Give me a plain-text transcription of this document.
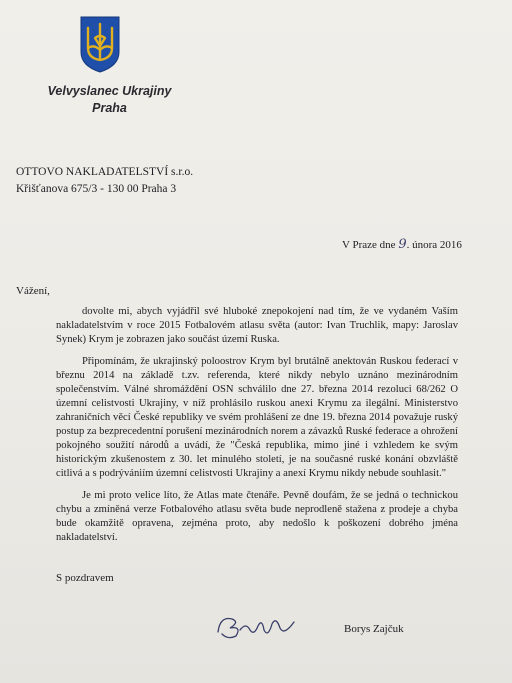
Velvyslanec Ukrajiny
Praha
OTTOVO NAKLADATELSTVÍ s.r.o.
Křišťanova 675/3 - 130 00 Praha 3
V Praze dne 9. února 2016
Vážení,

dovolte mi, abych vyjádřil své hluboké znepokojení nad tím, že ve vydaném Vaším nakladatelstvím v roce 2015 Fotbalovém atlasu světa (autor: Ivan Truchlik, mapy: Jaroslav Synek) Krym je zobrazen jako součást území Ruska.

Připomínám, že ukrajinský poloostrov Krym byl brutálně anektován Ruskou federací v březnu 2014 na základě t.zv. referenda, které nikdy nebylo uznáno mezinárodním společenstvím. Válné shromáždění OSN schválilo dne 27. března 2014 rezoluci 68/262 O územní celistvosti Ukrajiny, v níž prohlásilo ruskou anexi Krymu za ilegální. Ministerstvo zahraničních věcí České republiky ve svém prohlášení ze dne 19. března 2014 považuje ruský postup za bezprecedentní porušení mezinárodních norem a závazků Ruské federace a ohrožení pokojného soužití národů a uvádí, že "Česká republika, mimo jiné i vzhledem ke svým historickým zkušenostem z 30. let minulého století, je na současné ruské konání obzvláště citlivá a s podrývániím územní celistvosti Ukrajiny a anexí Krymu nikdy nebude souhlasit."

Je mi proto velice líto, že Atlas mate čtenáře. Pevně doufám, že se jedná o technickou chybu a zmíněná verze Fotbalového atlasu světa bude neprodleně stažena z prodeje a chyba bude okamžitě opravena, zejména proto, aby nedošlo k poškození dobrého jména nakladatelství.

S pozdravem
Borys Zajčuk
